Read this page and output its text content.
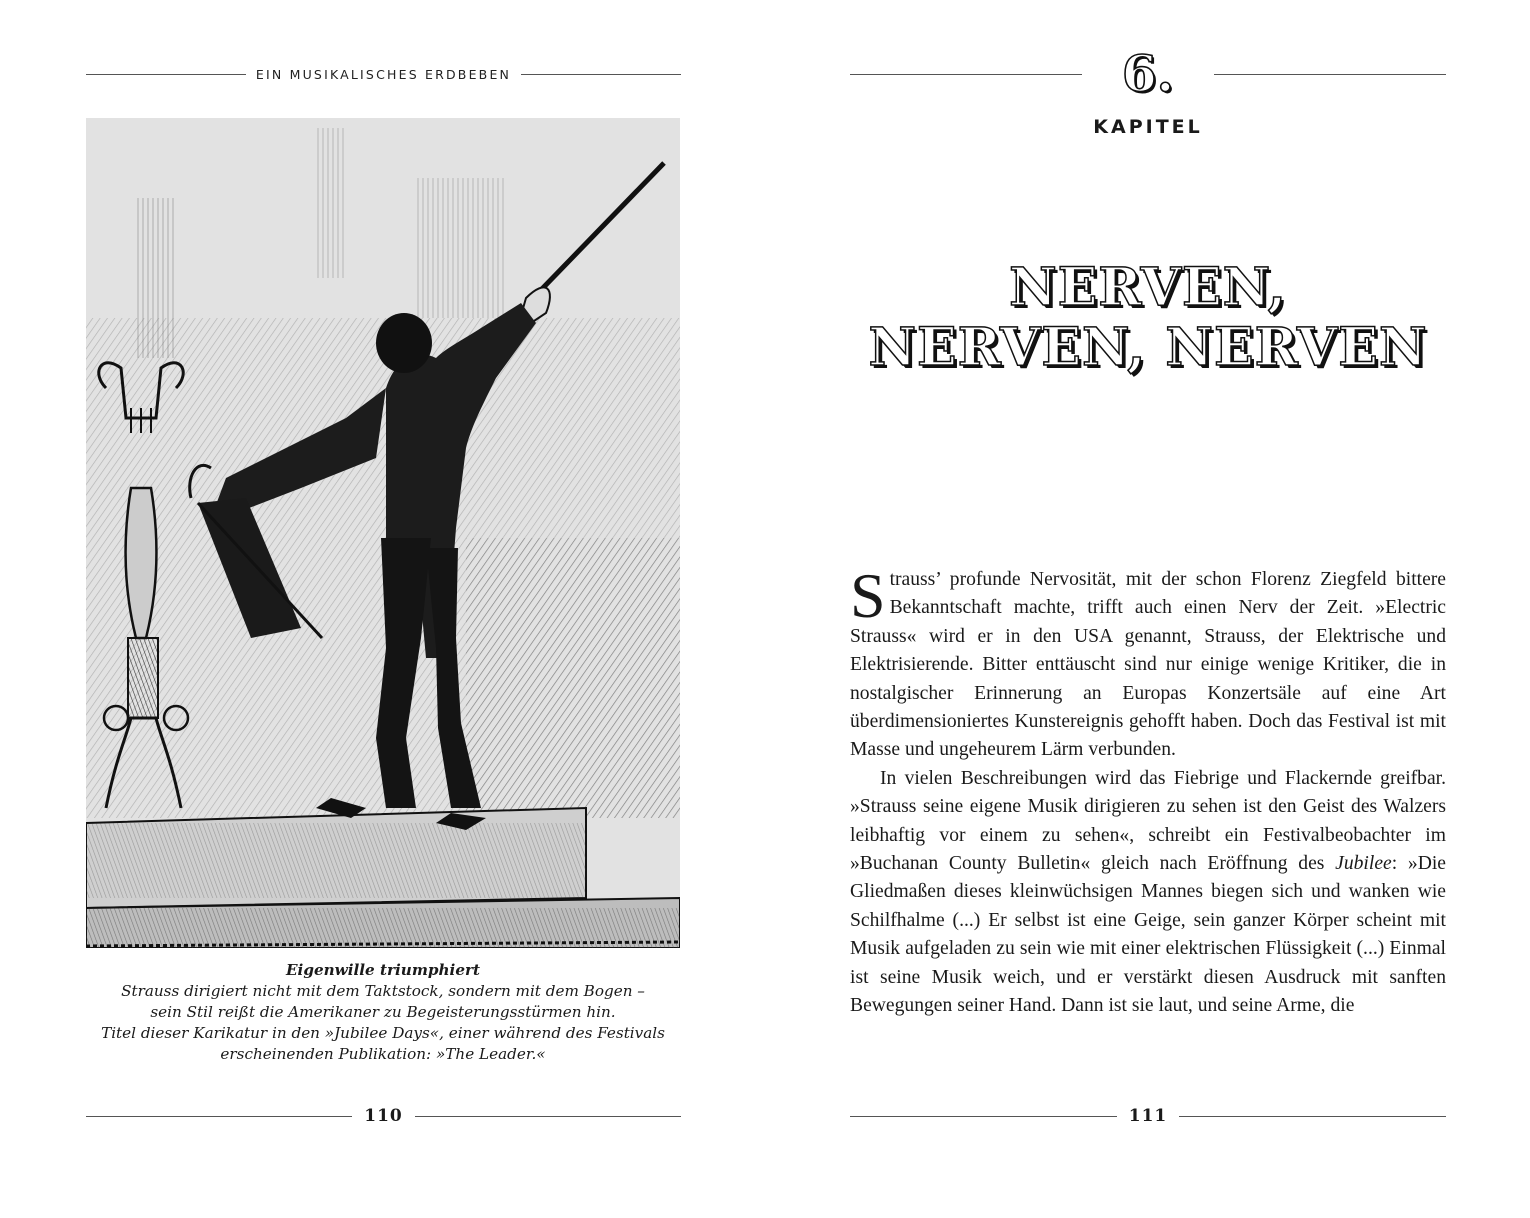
EIN MUSIKALISCHES ERDBEBEN
Eigenwille triumphiert
Strauss dirigiert nicht mit dem Taktstock, sondern mit dem Bogen –
sein Stil reißt die Amerikaner zu Begeisterungsstürmen hin.
Titel dieser Karikatur in den »Jubilee Days«, einer während des Festivals
erscheinenden Publikation: »The Leader.«
110
6.
KAPITEL
NERVEN,
NERVEN, NERVEN

Strauss’ profunde Nervosität, mit der schon Florenz Ziegfeld bittere Bekanntschaft machte, trifft auch einen Nerv der Zeit. »Electric Strauss« wird er in den USA genannt, Strauss, der Elektrische und Elektrisierende. Bitter enttäuscht sind nur einige wenige Kritiker, die in nostalgischer Erinnerung an Europas Konzertsäle auf eine Art überdimensioniertes Kunstereignis gehofft haben. Doch das Festival ist mit Masse und ungeheurem Lärm verbunden.

In vielen Beschreibungen wird das Fiebrige und Flackernde greifbar. »Strauss seine eigene Musik dirigieren zu sehen ist den Geist des Walzers leibhaftig vor einem zu sehen«, schreibt ein Festivalbeobachter im »Buchanan County Bulletin« gleich nach Eröffnung des Jubilee: »Die Gliedmaßen dieses kleinwüchsigen Mannes biegen sich und wanken wie Schilfhalme (...) Er selbst ist eine Geige, sein ganzer Körper scheint mit Musik aufgeladen zu sein wie mit einer elektrischen Flüssigkeit (...) Einmal ist seine Musik weich, und er verstärkt diesen Ausdruck mit sanften Bewegungen seiner Hand. Dann ist sie laut, und seine Arme, die

111
